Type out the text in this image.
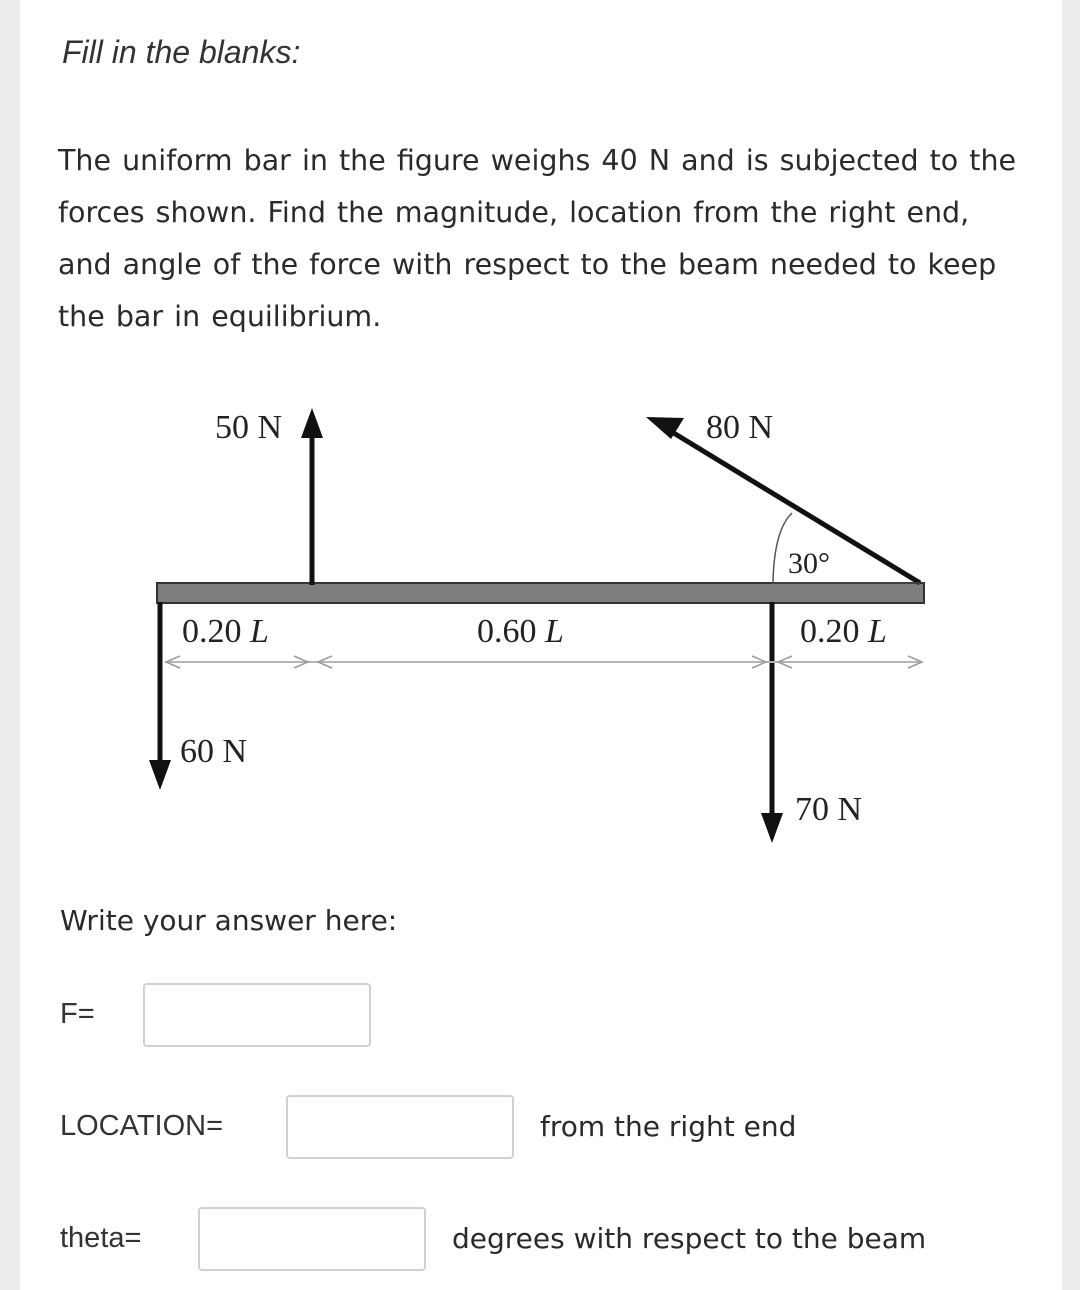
Fill in the blanks:
The uniform bar in the figure weighs 40 N and is subjected to the forces shown. Find the magnitude, location from the right end, and angle of the force with respect to the beam needed to keep the bar in equilibrium.
50 N	80 N
30°
60 N
70 N
0.20 L	0.60 L	0.20 L
Write your answer here:
F=
LOCATION=	from the right end
theta=	degrees with respect to the beam
